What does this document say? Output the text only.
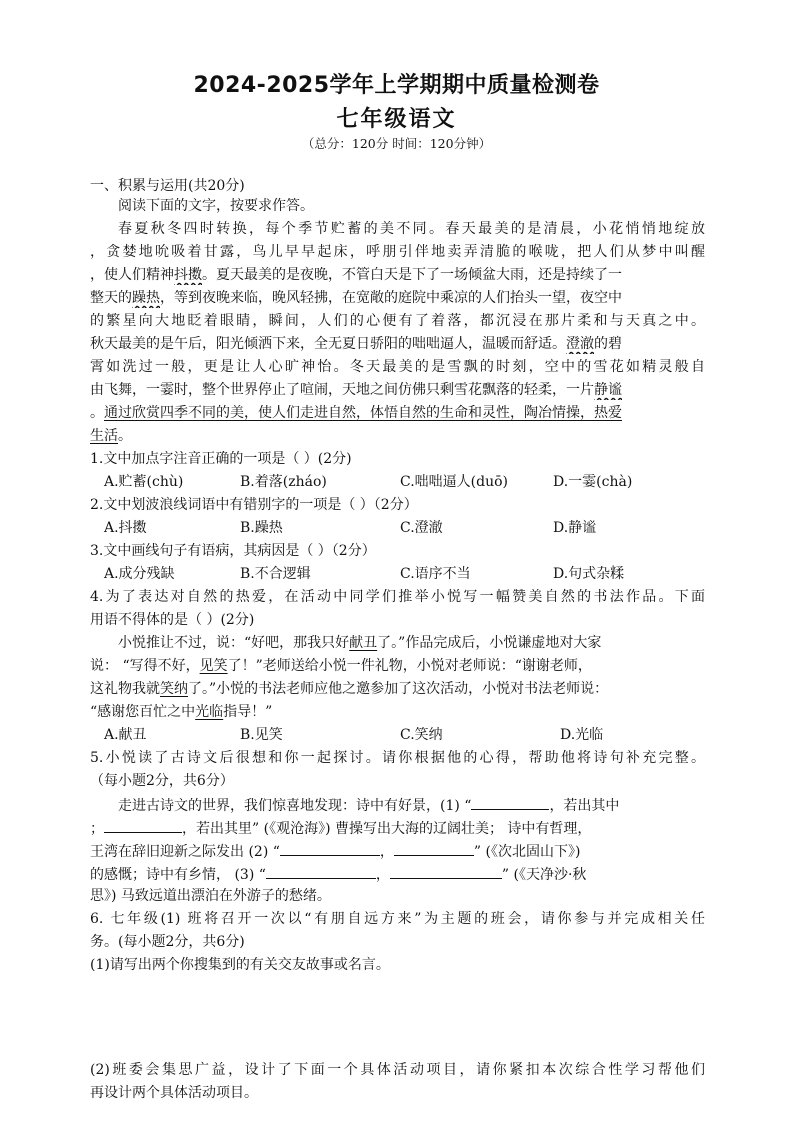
2024-2025学年上学期期中质量检测卷
七年级语文
（总分：120分 时间：120分钟）
一、积累与运用(共20分)
阅读下面的文字，按要求作答。
春夏秋冬四时转换，每个季节贮蓄的美不同。春天最美的是清晨，小花悄悄地绽放
，贪婪地吮吸着甘露，鸟儿早早起床，呼朋引伴地卖弄清脆的喉咙，把人们从梦中叫醒
，使人们精神抖擞。夏天最美的是夜晚，不管白天是下了一场倾盆大雨，还是持续了一
整天的躁热，等到夜晚来临，晚风轻拂，在宽敞的庭院中乘凉的人们抬头一望，夜空中
的繁星向大地眨着眼睛，瞬间，人们的心便有了着落，都沉浸在那片柔和与天真之中。
秋天最美的是午后，阳光倾洒下来，全无夏日骄阳的咄咄逼人，温暖而舒适。澄澈的碧
霄如洗过一般，更是让人心旷神怡。冬天最美的是雪飘的时刻，空中的雪花如精灵般自
由飞舞，一霎时，整个世界停止了喧闹，天地之间仿佛只剩雪花飘落的轻柔，一片静谧
。通过欣赏四季不同的美，使人们走进自然，体悟自然的生命和灵性，陶冶情操，热爱
生活。
1.文中加点字注音正确的一项是（ ）(2分)
A.贮蓄(chù)	B.着落(zháo)	C.咄咄逼人(duō)	D.一霎(chà)
2.文中划波浪线词语中有错别字的一项是（ ）（2分）
A.抖擞	B.躁热	C.澄澈	D.静谧
3.文中画线句子有语病，其病因是（ ）（2分）
A.成分残缺	B.不合逻辑	C.语序不当	D.句式杂糅
4.为了表达对自然的热爱，在活动中同学们推举小悦写一幅赞美自然的书法作品。下面
用语不得体的是（ ）(2分)
小悦推让不过，说：“好吧，那我只好献丑了。”作品完成后，小悦谦虚地对大家
说： “写得不好，见笑了！”老师送给小悦一件礼物，小悦对老师说：“谢谢老师，
这礼物我就笑纳了。”小悦的书法老师应他之邀参加了这次活动，小悦对书法老师说：
“感谢您百忙之中光临指导！”
A.献丑	B.见笑	C.笑纳	D.光临
5.小悦读了古诗文后很想和你一起探讨。请你根据他的心得，帮助他将诗句补充完整。
（每小题2分，共6分）
走进古诗文的世界，我们惊喜地发现：诗中有好景，(1) “	，若出其中
；	，若出其里” (《观沧海》) 曹操写出大海的辽阔壮美； 诗中有哲理，
王湾在辞旧迎新之际发出 (2) “	，	” (《次北固山下》)
的感慨；诗中有乡情， (3) “	，	” (《天净沙·秋
思》) 马致远道出漂泊在外游子的愁绪。
6. 七年级(1) 班将召开一次以“有朋自远方来”为主题的班会，请你参与并完成相关任
务。(每小题2分，共6分)
(1)请写出两个你搜集到的有关交友故事或名言。
(2)班委会集思广益，设计了下面一个具体活动项目，请你紧扣本次综合性学习帮他们
再设计两个具体活动项目。
